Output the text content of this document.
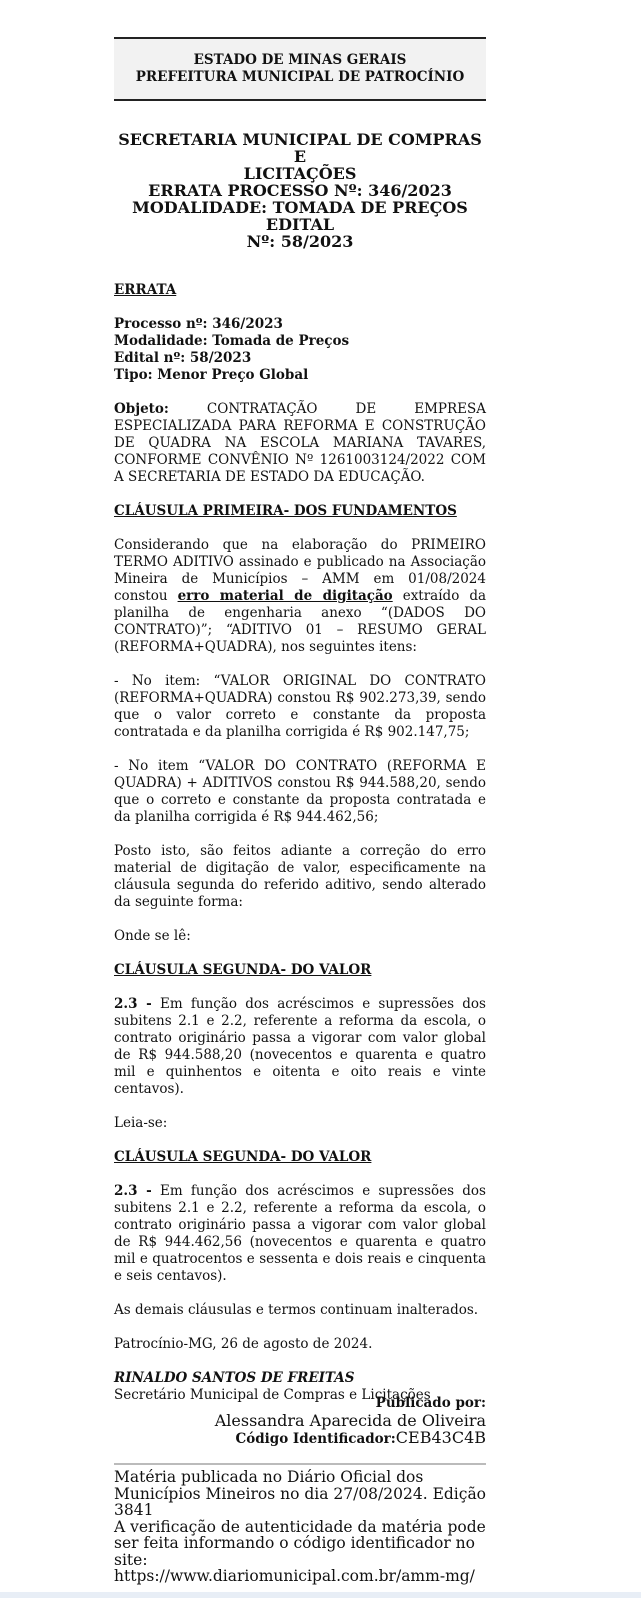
ESTADO DE MINAS GERAIS
PREFEITURA MUNICIPAL DE PATROCÍNIO
SECRETARIA MUNICIPAL DE COMPRAS E
LICITAÇÕES
ERRATA PROCESSO Nº: 346/2023
MODALIDADE: TOMADA DE PREÇOS EDITAL
Nº: 58/2023

ERRATA

Processo nº: 346/2023
Modalidade: Tomada de Preços
Edital nº: 58/2023
Tipo: Menor Preço Global

Objeto: CONTRATAÇÃO DE EMPRESA ESPECIALIZADA PARA REFORMA E CONSTRUÇÃO DE QUADRA NA ESCOLA MARIANA TAVARES, CONFORME CONVÊNIO Nº 1261003124/2022 COM A SECRETARIA DE ESTADO DA EDUCAÇÃO.

CLÁUSULA PRIMEIRA- DOS FUNDAMENTOS

Considerando que na elaboração do PRIMEIRO TERMO ADITIVO assinado e publicado na Associação Mineira de Municípios – AMM em 01/08/2024 constou erro material de digitação extraído da planilha de engenharia anexo “(DADOS DO CONTRATO)”; “ADITIVO 01 – RESUMO GERAL (REFORMA+QUADRA), nos seguintes itens:

- No item: “VALOR ORIGINAL DO CONTRATO (REFORMA+QUADRA) constou R$ 902.273,39, sendo que o valor correto e constante da proposta contratada e da planilha corrigida é R$ 902.147,75;

- No item “VALOR DO CONTRATO (REFORMA E QUADRA) + ADITIVOS constou R$ 944.588,20, sendo que o correto e constante da proposta contratada e da planilha corrigida é R$ 944.462,56;

Posto isto, são feitos adiante a correção do erro material de digitação de valor, especificamente na cláusula segunda do referido aditivo, sendo alterado da seguinte forma:

Onde se lê:

CLÁUSULA SEGUNDA- DO VALOR

2.3 - Em função dos acréscimos e supressões dos subitens 2.1 e 2.2, referente a reforma da escola, o contrato originário passa a vigorar com valor global de R$ 944.588,20 (novecentos e quarenta e quatro mil e quinhentos e oitenta e oito reais e vinte centavos).

Leia-se:

CLÁUSULA SEGUNDA- DO VALOR

2.3 - Em função dos acréscimos e supressões dos subitens 2.1 e 2.2, referente a reforma da escola, o contrato originário passa a vigorar com valor global de R$ 944.462,56 (novecentos e quarenta e quatro mil e quatrocentos e sessenta e dois reais e cinquenta e seis centavos).

As demais cláusulas e termos continuam inalterados.

Patrocínio-MG, 26 de agosto de 2024.

RINALDO SANTOS DE FREITAS
Secretário Municipal de Compras e Licitações

Publicado por:
Alessandra Aparecida de Oliveira
Código Identificador:CEB43C4B

Matéria publicada no Diário Oficial dos Municípios Mineiros no dia 27/08/2024. Edição 3841

A verificação de autenticidade da matéria pode ser feita informando o código identificador no site:

https://www.diariomunicipal.com.br/amm-mg/
